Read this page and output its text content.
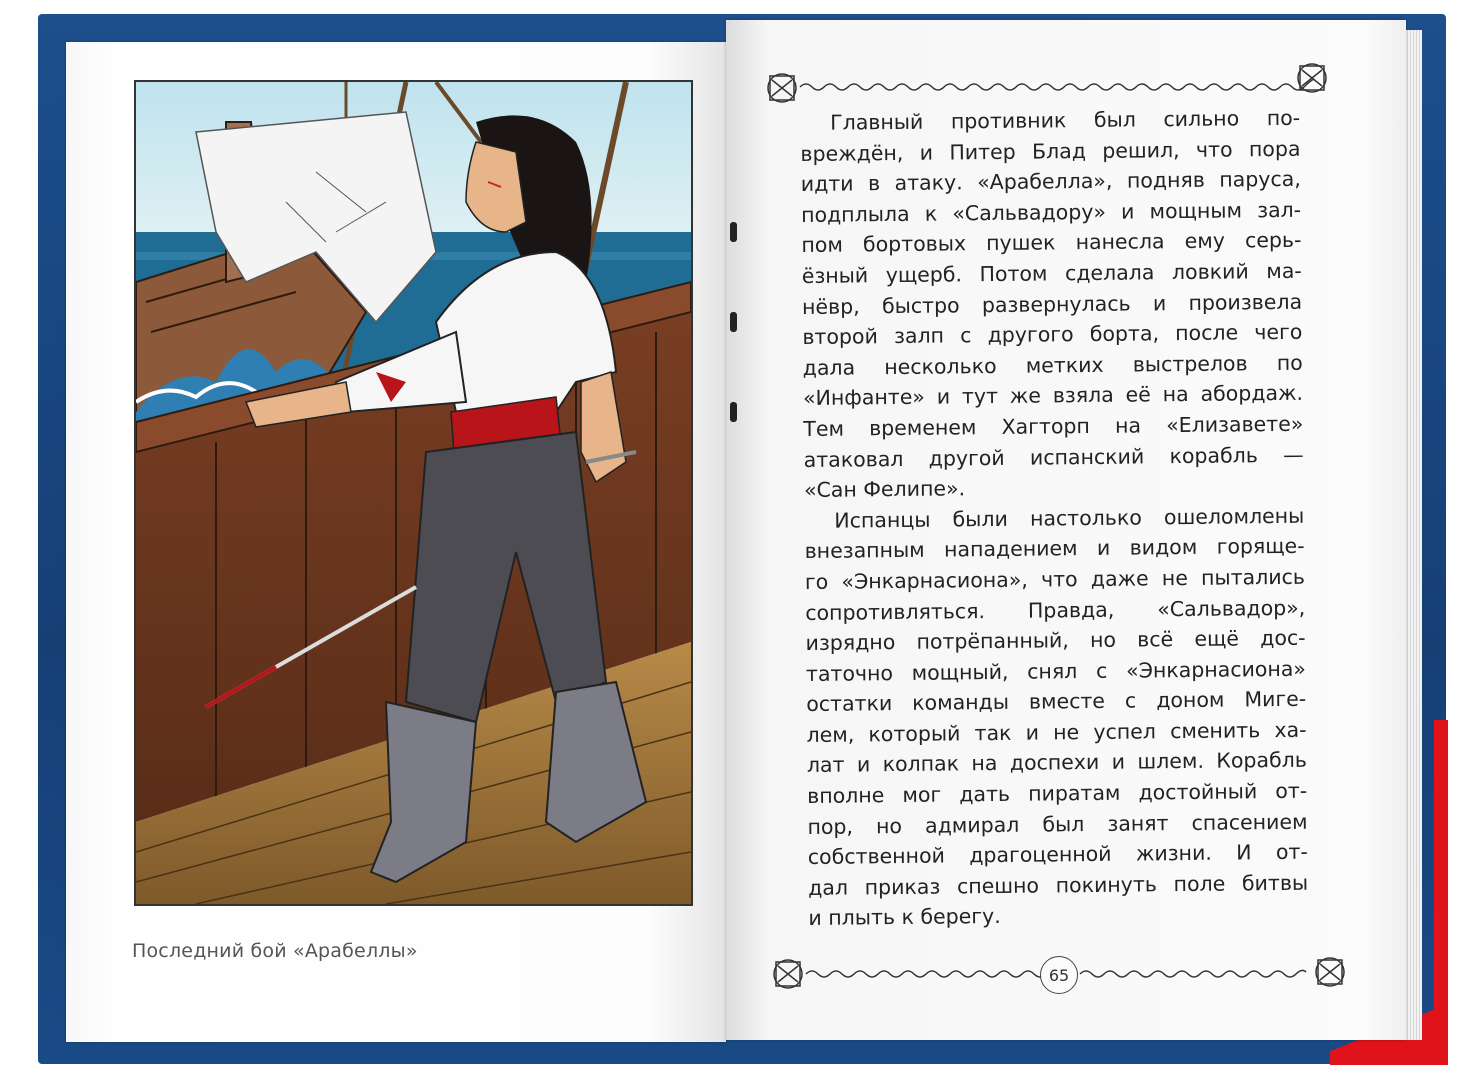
Последний бой «Арабеллы»
Главный противник был сильно по-
вреждён, и Питер Блад решил, что пора
идти в атаку. «Арабелла», подняв паруса,
подплыла к «Сальвадору» и мощным зал-
пом бортовых пушек нанесла ему серь-
ёзный ущерб. Потом сделала ловкий ма-
нёвр, быстро развернулась и произвела
второй залп с другого борта, после чего
дала несколько метких выстрелов по
«Инфанте» и тут же взяла её на абордаж.
Тем временем Хагторп на «Елизавете»
атаковал другой испанский корабль —
«Сан Фелипе».
Испанцы были настолько ошеломлены
внезапным нападением и видом горяще-
го «Энкарнасиона», что даже не пытались
сопротивляться. Правда, «Сальвадор»,
изрядно потрёпанный, но всё ещё дос-
таточно мощный, снял с «Энкарнасиона»
остатки команды вместе с доном Мигe-
лем, который так и не успел сменить ха-
лат и колпак на доспехи и шлем. Корабль
вполне мог дать пиратам достойный от-
пор, но адмирал был занят спасением
собственной драгоценной жизни. И от-
дал приказ спешно покинуть поле битвы
и плыть к берегу.
65
